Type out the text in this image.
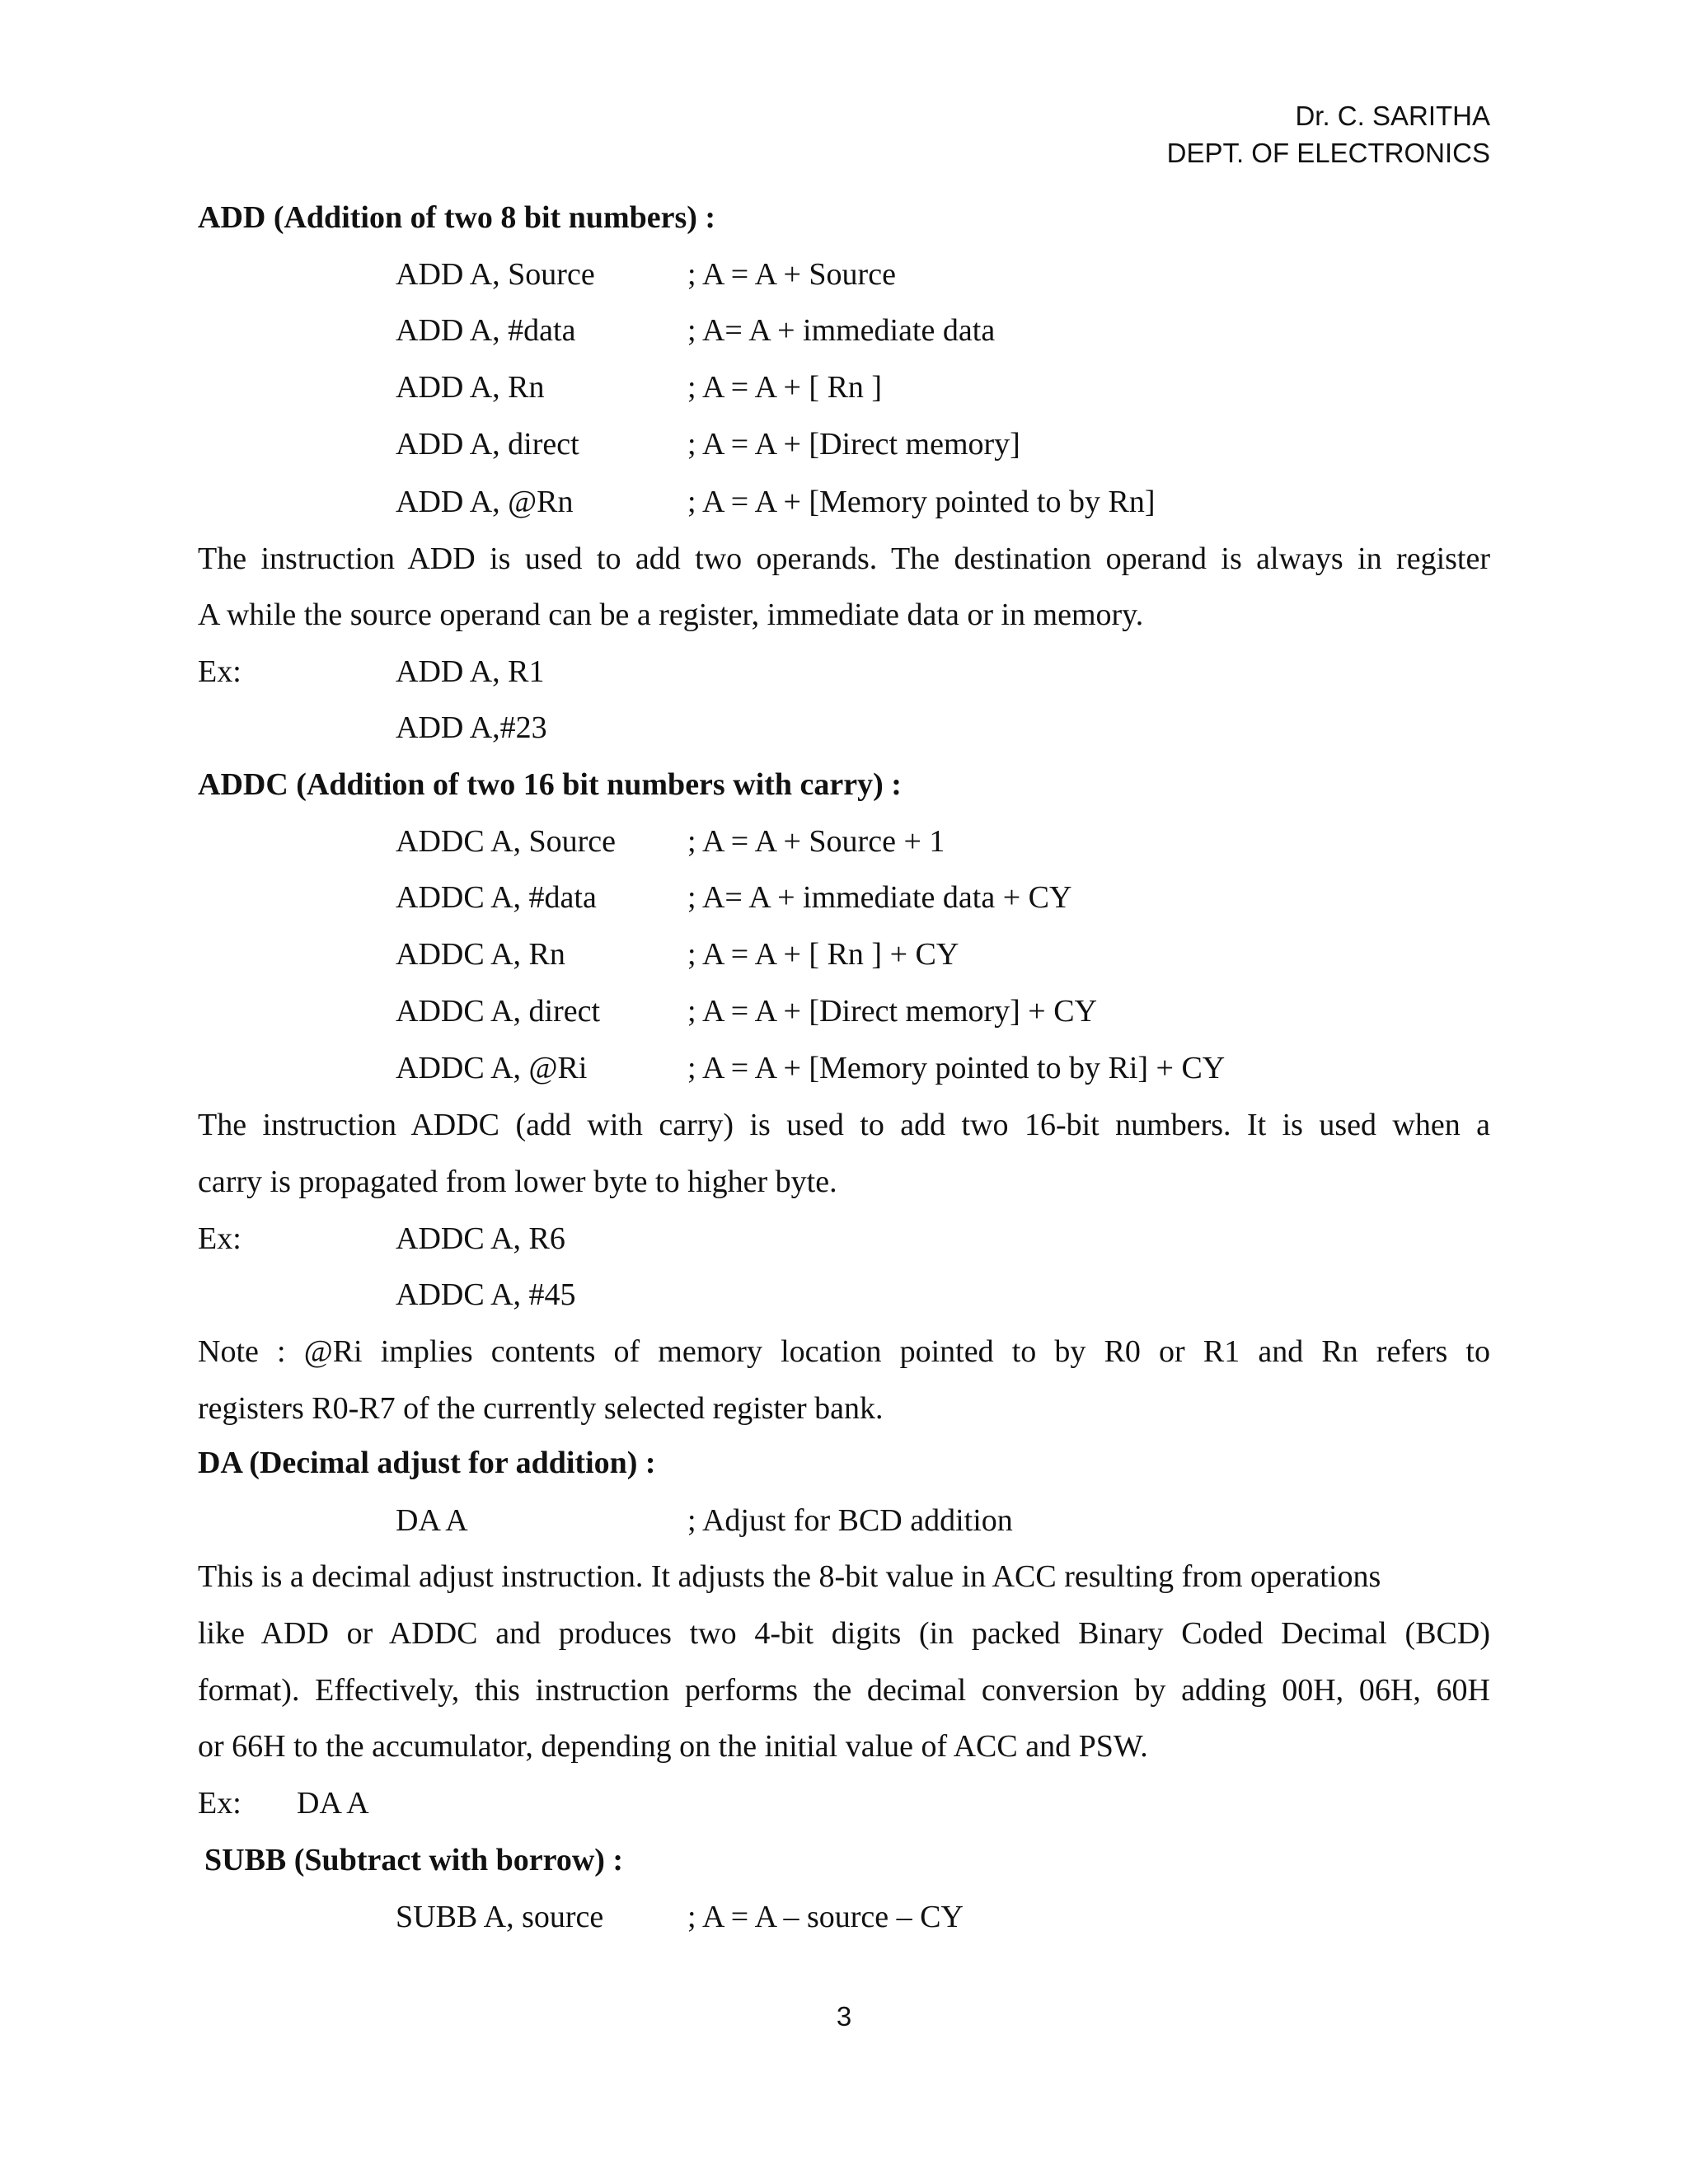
Dr. C. SARITHA
DEPT. OF ELECTRONICS
ADD (Addition of two 8 bit numbers) :
ADD A, Source	; A = A + Source
ADD A, #data	; A= A + immediate data
ADD A, Rn	; A = A + [ Rn ]
ADD A, direct	; A = A + [Direct memory]
ADD A, @Rn	; A = A + [Memory pointed to by Rn]
The instruction ADD is used to add two operands. The destination operand is always in register
A while the source operand can be a register, immediate data or in memory.
Ex:	ADD A, R1
ADD A,#23
ADDC (Addition of two 16 bit numbers with carry) :
ADDC A, Source ; A = A + Source + 1
ADDC A, #data	; A= A + immediate data + CY
ADDC A, Rn	; A = A + [ Rn ] + CY
ADDC A, direct	; A = A + [Direct memory] + CY
ADDC A, @Ri	; A = A + [Memory pointed to by Ri] + CY
The instruction ADDC (add with carry) is used to add two 16-bit numbers. It is used when a
carry is propagated from lower byte to higher byte.
Ex:	ADDC A, R6
ADDC A, #45
Note : @Ri implies contents of memory location pointed to by R0 or R1 and Rn refers to
registers R0-R7 of the currently selected register bank.
DA (Decimal adjust for addition) :
DA A	; Adjust for BCD addition
This is a decimal adjust instruction. It adjusts the 8-bit value in ACC resulting from operations
like ADD or ADDC and produces two 4-bit digits (in packed Binary Coded Decimal (BCD)
format). Effectively, this instruction performs the decimal conversion by adding 00H, 06H, 60H
or 66H to the accumulator, depending on the initial value of ACC and PSW.
Ex: DA A
SUBB (Subtract with borrow) :
SUBB A, source	; A = A – source – CY
3
